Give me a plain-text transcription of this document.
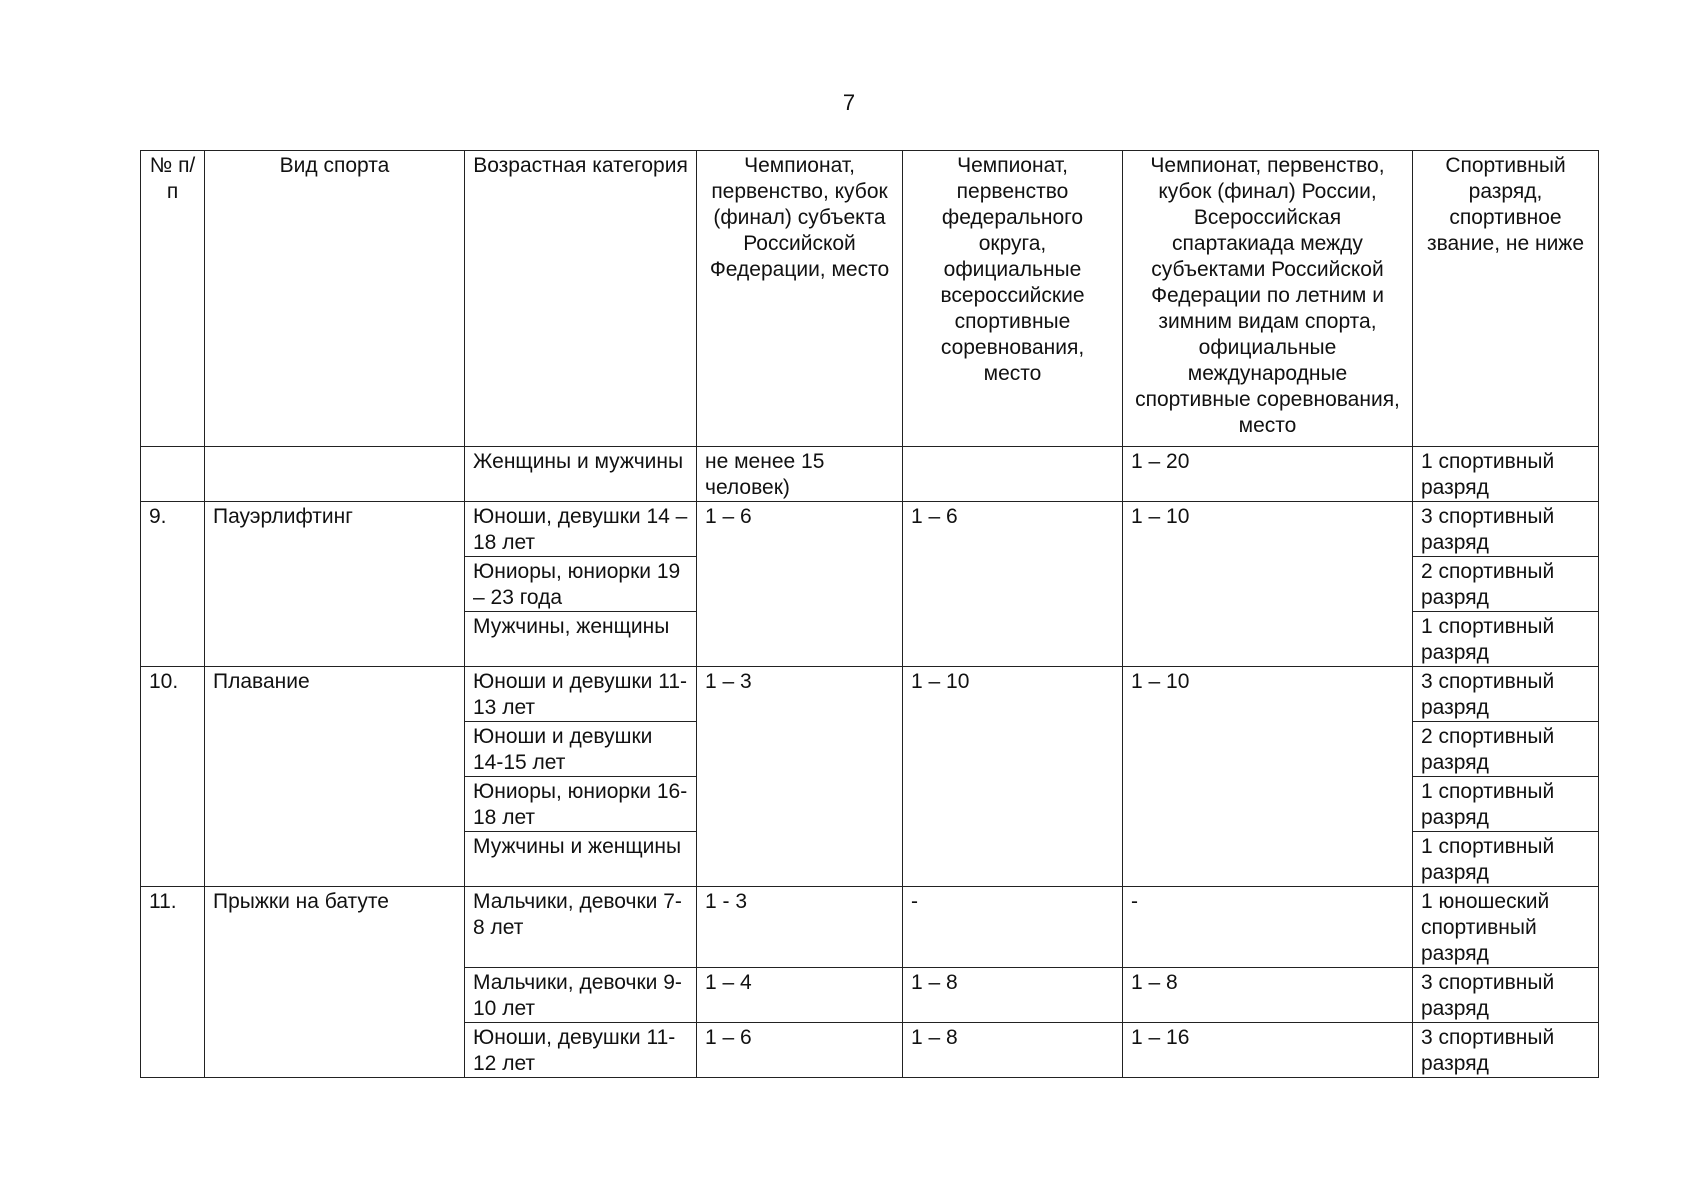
7
№ п/п	Вид спорта	Возрастная категория	Чемпионат, первенство, кубок (финал) субъекта Российской Федерации, место	Чемпионат, первенство федерального округа, официальные всероссийские спортивные соревнования, место	Чемпионат, первенство, кубок (финал) России, Всероссийская спартакиада между субъектами Российской Федерации по летним и зимним видам спорта, официальные международные спортивные соревнования, место	Спортивный разряд, спортивное звание, не ниже
		Женщины и мужчины	не менее 15 человек)		1 – 20	1 спортивный разряд
9.	Пауэрлифтинг	Юноши, девушки 14 – 18 лет	1 – 6	1 – 6	1 – 10	3 спортивный разряд
		Юниоры, юниорки 19 – 23 года				2 спортивный разряд
		Мужчины, женщины				1 спортивный разряд
10.	Плавание	Юноши и девушки 11-13 лет	1 – 3	1 – 10	1 – 10	3 спортивный разряд
		Юноши и девушки 14-15 лет				2 спортивный разряд
		Юниоры, юниорки 16-18 лет				1 спортивный разряд
		Мужчины и женщины				1 спортивный разряд
11.	Прыжки на батуте	Мальчики, девочки 7-8 лет	1 - 3	-	-	1 юношеский спортивный разряд
		Мальчики, девочки 9-10 лет	1 – 4	1 – 8	1 – 8	3 спортивный разряд
		Юноши, девушки 11-12 лет	1 – 6	1 – 8	1 – 16	3 спортивный разряд
